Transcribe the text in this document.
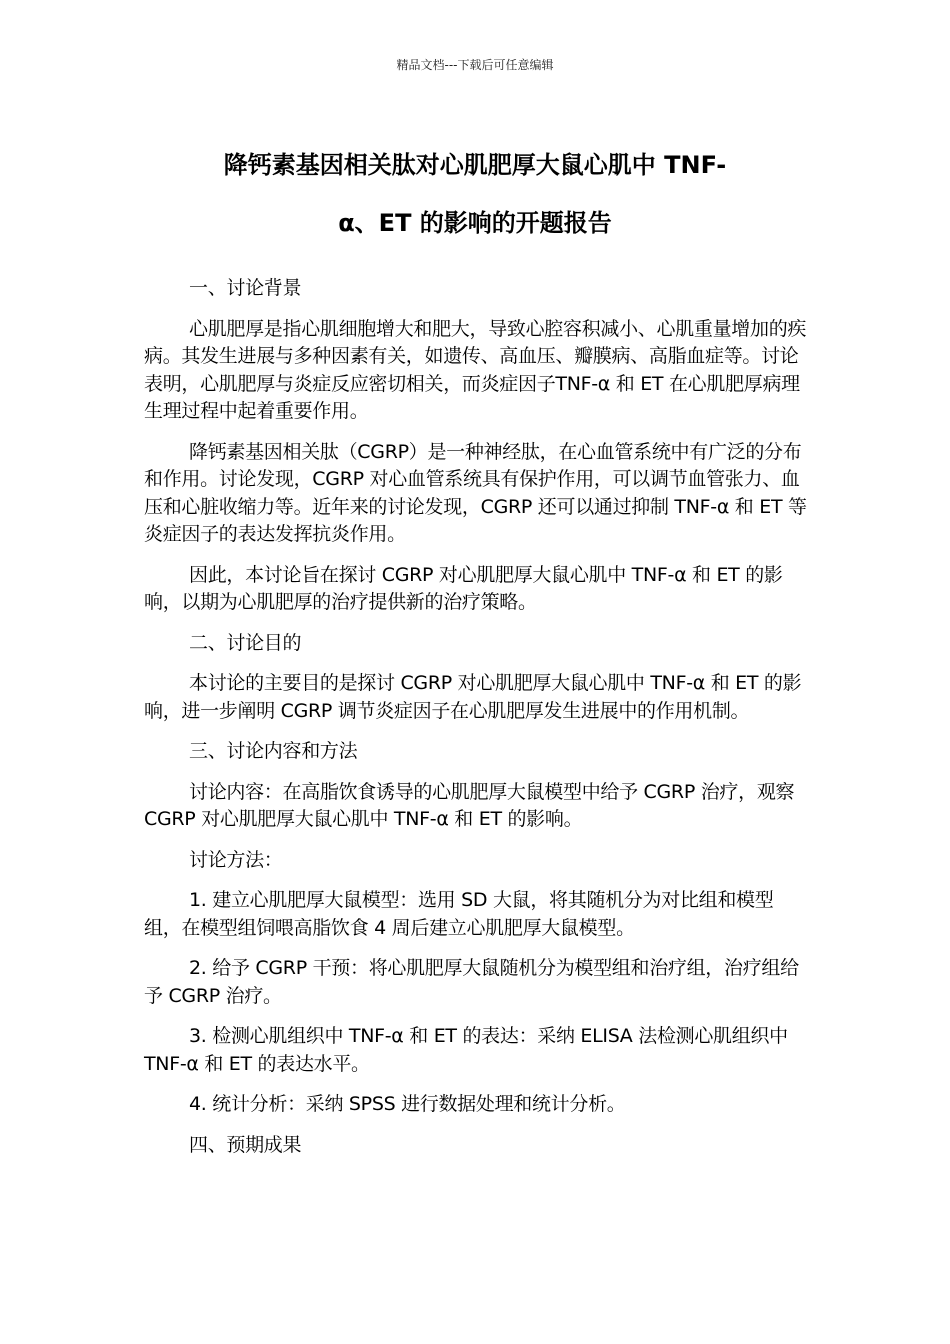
精品文档---下载后可任意编辑
降钙素基因相关肽对心肌肥厚大鼠心肌中 TNF-
α、ET 的影响的开题报告

一、讨论背景

心肌肥厚是指心肌细胞增大和肥大，导致心腔容积减小、心肌重量增加的疾病。其发生进展与多种因素有关，如遗传、高血压、瓣膜病、高脂血症等。讨论表明，心肌肥厚与炎症反应密切相关，而炎症因子TNF-α 和 ET 在心肌肥厚病理生理过程中起着重要作用。

降钙素基因相关肽（CGRP）是一种神经肽，在心血管系统中有广泛的分布和作用。讨论发现，CGRP 对心血管系统具有保护作用，可以调节血管张力、血压和心脏收缩力等。近年来的讨论发现，CGRP 还可以通过抑制 TNF-α 和 ET 等炎症因子的表达发挥抗炎作用。

因此，本讨论旨在探讨 CGRP 对心肌肥厚大鼠心肌中 TNF-α 和 ET 的影响，以期为心肌肥厚的治疗提供新的治疗策略。

二、讨论目的

本讨论的主要目的是探讨 CGRP 对心肌肥厚大鼠心肌中 TNF-α 和 ET 的影响，进一步阐明 CGRP 调节炎症因子在心肌肥厚发生进展中的作用机制。

三、讨论内容和方法

讨论内容：在高脂饮食诱导的心肌肥厚大鼠模型中给予 CGRP 治疗，观察 CGRP 对心肌肥厚大鼠心肌中 TNF-α 和 ET 的影响。

讨论方法：

1. 建立心肌肥厚大鼠模型：选用 SD 大鼠，将其随机分为对比组和模型组，在模型组饲喂高脂饮食 4 周后建立心肌肥厚大鼠模型。

2. 给予 CGRP 干预：将心肌肥厚大鼠随机分为模型组和治疗组，治疗组给予 CGRP 治疗。

3. 检测心肌组织中 TNF-α 和 ET 的表达：采纳 ELISA 法检测心肌组织中 TNF-α 和 ET 的表达水平。

4. 统计分析：采纳 SPSS 进行数据处理和统计分析。

四、预期成果
